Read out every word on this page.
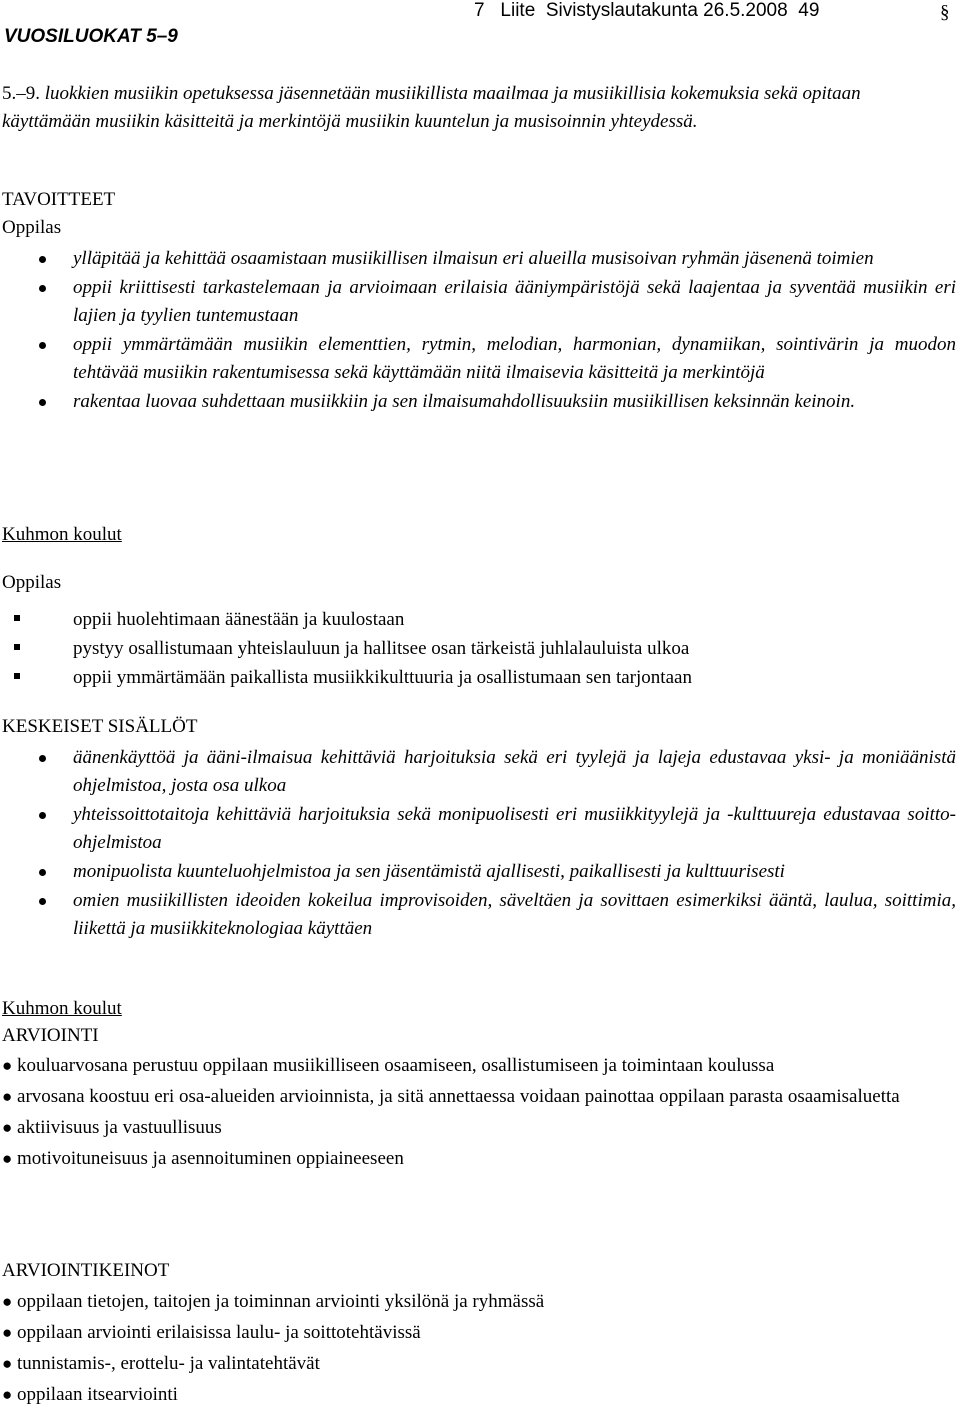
VUOSILUOKAT 5–9
7   Liite  Sivistyslautakunta 26.5.2008  49	§
5.–9. luokkien musiikin opetuksessa jäsennetään musiikillista maailmaa ja musiikillisia kokemuksia sekä opitaan käyttämään musiikin käsitteitä ja merkintöjä musiikin kuuntelun ja musisoinnin yhteydessä.
TAVOITTEET
Oppilas
ylläpitää ja kehittää osaamistaan musiikillisen ilmaisun eri alueilla musisoivan ryhmän jäsenenä toimien
oppii kriittisesti tarkastelemaan ja arvioimaan erilaisia ääniympäristöjä sekä laajentaa ja syventää musiikin eri lajien ja tyylien tuntemustaan
oppii ymmärtämään musiikin elementtien, rytmin, melodian, harmonian, dynamiikan, sointivärin ja muodon tehtävää musiikin rakentumisessa sekä käyttämään niitä ilmaisevia käsitteitä ja merkintöjä
rakentaa luovaa suhdettaan musiikkiin ja sen ilmaisumahdollisuuksiin musiikillisen keksinnän keinoin.
Kuhmon koulut
Oppilas
oppii huolehtimaan äänestään ja kuulostaan
pystyy osallistumaan yhteislauluun ja hallitsee osan tärkeistä juhlalauluista ulkoa
oppii ymmärtämään paikallista musiikkikulttuuria ja osallistumaan sen tarjontaan
KESKEISET SISÄLLÖT
äänenkäyttöä ja ääni-ilmaisua kehittäviä harjoituksia sekä eri tyylejä ja lajeja edustavaa yksi- ja moniäänistä ohjelmistoa, josta osa ulkoa
yhteissoittotaitoja kehittäviä harjoituksia sekä monipuolisesti eri musiikkityylejä ja -kulttuureja edustavaa soitto-ohjelmistoa
monipuolista kuunteluohjelmistoa ja sen jäsentämistä ajallisesti, paikallisesti ja kulttuurisesti
omien musiikillisten ideoiden kokeilua improvisoiden, säveltäen ja sovittaen esimerkiksi ääntä, laulua, soittimia, liikettä ja musiikkiteknologiaa käyttäen
Kuhmon koulut
ARVIOINTI
● kouluarvosana perustuu oppilaan musiikilliseen osaamiseen, osallistumiseen ja toimintaan koulussa
● arvosana koostuu eri osa-alueiden arvioinnista, ja sitä annettaessa voidaan painottaa oppilaan parasta osaamisaluetta
● aktiivisuus ja vastuullisuus
● motivoituneisuus ja asennoituminen oppiaineeseen
ARVIOINTIKEINOT
● oppilaan tietojen, taitojen ja toiminnan arviointi yksilönä ja ryhmässä
● oppilaan arviointi erilaisissa laulu- ja soittotehtävissä
● tunnistamis-, erottelu- ja valintatehtävät
● oppilaan itsearviointi
